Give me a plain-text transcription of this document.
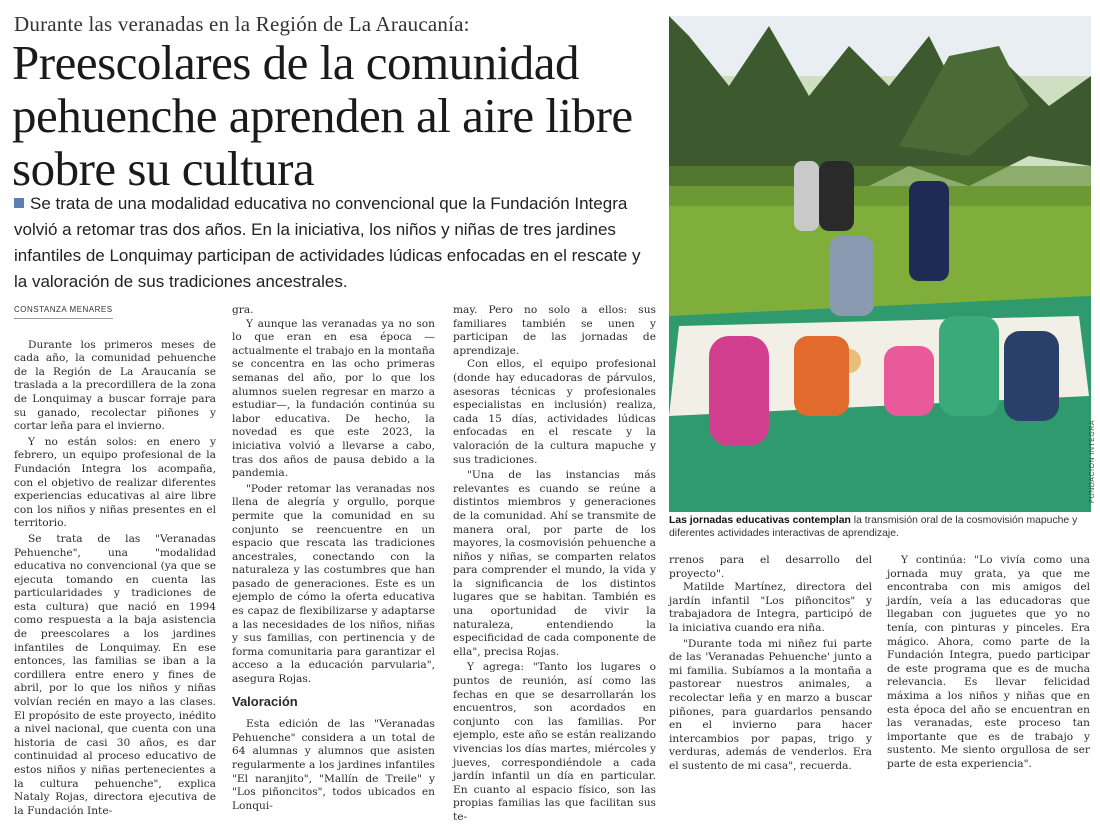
Durante las veranadas en la Región de La Araucanía:
Preescolares de la comunidad pehuenche aprenden al aire libre sobre su cultura
Se trata de una modalidad educativa no convencional que la Fundación Integra volvió a retomar tras dos años. En la iniciativa, los niños y niñas de tres jardines infantiles de Lonquimay participan de actividades lúdicas enfocadas en el rescate y la valoración de sus tradiciones ancestrales.
CONSTANZA MENARES

Durante los primeros meses de cada año, la comunidad pehuenche de la Región de La Araucanía se traslada a la precordillera de la zona de Lonquimay a buscar forraje para su ganado, recolectar piñones y cortar leña para el invierno.

Y no están solos: en enero y febrero, un equipo profesional de la Fundación Integra los acompaña, con el objetivo de realizar diferentes experiencias educativas al aire libre con los niños y niñas presentes en el territorio.

Se trata de las "Veranadas Pehuenche", una "modalidad educativa no convencional (ya que se ejecuta tomando en cuenta las particularidades y tradiciones de esta cultura) que nació en 1994 como respuesta a la baja asistencia de preescolares a los jardines infantiles de Lonquimay. En ese entonces, las familias se iban a la cordillera entre enero y fines de abril, por lo que los niños y niñas volvían recién en mayo a las clases. El propósito de este proyecto, inédito a nivel nacional, que cuenta con una historia de casi 30 años, es dar continuidad al proceso educativo de estos niños y niñas pertenecientes a la cultura pehuenche", explica Nataly Rojas, directora ejecutiva de la Fundación Inte-

gra.

Y aunque las veranadas ya no son lo que eran en esa época —actualmente el trabajo en la montaña se concentra en las ocho primeras semanas del año, por lo que los alumnos suelen regresar en marzo a estudiar—, la fundación continúa su labor educativa. De hecho, la novedad es que este 2023, la iniciativa volvió a llevarse a cabo, tras dos años de pausa debido a la pandemia.

"Poder retomar las veranadas nos llena de alegría y orgullo, porque permite que la comunidad en su conjunto se reencuentre en un espacio que rescata las tradiciones ancestrales, conectando con la naturaleza y las costumbres que han pasado de generaciones. Este es un ejemplo de cómo la oferta educativa es capaz de flexibilizarse y adaptarse a las necesidades de los niños, niñas y sus familias, con pertinencia y de forma comunitaria para garantizar el acceso a la educación parvularia", asegura Rojas.

Valoración

Esta edición de las "Veranadas Pehuenche" considera a un total de 64 alumnas y alumnos que asisten regularmente a los jardines infantiles "El naranjito", "Mallín de Treile" y "Los piñoncitos", todos ubicados en Lonqui-

may. Pero no solo a ellos: sus familiares también se unen y participan de las jornadas de aprendizaje.

Con ellos, el equipo profesional (donde hay educadoras de párvulos, asesoras técnicas y profesionales especialistas en inclusión) realiza, cada 15 días, actividades lúdicas enfocadas en el rescate y la valoración de la cultura mapuche y sus tradiciones.

"Una de las instancias más relevantes es cuando se reúne a distintos miembros y generaciones de la comunidad. Ahí se transmite de manera oral, por parte de los mayores, la cosmovisión pehuenche a niños y niñas, se comparten relatos para comprender el mundo, la vida y la significancia de los distintos lugares que se habitan. También es una oportunidad de vivir la naturaleza, entendiendo la especificidad de cada componente de ella", precisa Rojas.

Y agrega: "Tanto los lugares o puntos de reunión, así como las fechas en que se desarrollarán los encuentros, son acordados en conjunto con las familias. Por ejemplo, este año se están realizando vivencias los días martes, miércoles y jueves, correspondiéndole a cada jardín infantil un día en particular. En cuanto al espacio físico, son las propias familias las que facilitan sus te-

FUNDACIÓN INTEGRA
Las jornadas educativas contemplan la transmisión oral de la cosmovisión mapuche y diferentes actividades interactivas de aprendizaje.

rrenos para el desarrollo del proyecto".

Matilde Martínez, directora del jardín infantil "Los piñoncitos" y trabajadora de Integra, participó de la iniciativa cuando era niña.

"Durante toda mi niñez fui parte de las 'Veranadas Pehuenche' junto a mi familia. Subíamos a la montaña a pastorear nuestros animales, a recolectar leña y en marzo a buscar piñones, para guardarlos pensando en el invierno para hacer intercambios por papas, trigo y verduras, además de venderlos. Era el sustento de mi casa", recuerda.

Y continúa: "Lo vivía como una jornada muy grata, ya que me encontraba con mis amigos del jardín, veía a las educadoras que llegaban con juguetes que yo no tenía, con pinturas y pinceles. Era mágico. Ahora, como parte de la Fundación Integra, puedo participar de este programa que es de mucha relevancia. Es llevar felicidad máxima a los niños y niñas que en esta época del año se encuentran en las veranadas, este proceso tan importante que es de trabajo y sustento. Me siento orgullosa de ser parte de esta experiencia".
